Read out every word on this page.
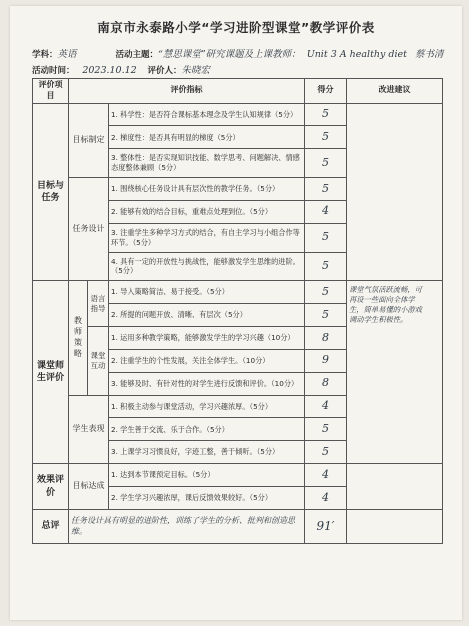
南京市永泰路小学“学习进阶型课堂”教学评价表
学科：英语	活动主题：“慧思课堂”研究课题及上课教师： Unit 3 A healthy diet 蔡书清
活动时间： 2023.10.12 评价人：朱晓宏
评价项目	评价指标			得分	改进建议
目标与任务	目标制定		1. 科学性：是否符合课标基本理念及学生认知规律（5分）	5	
			2. 梯度性：是否具有明显的梯度（5分）	5	
			3. 整体性：是否实现知识技能、数学思考、问题解决、情感态度整体兼顾（5分）	5	
	任务设计		1. 围绕核心任务设计具有层次性的教学任务。（5分）	5	
			2. 能够有效的结合目标，重难点处理到位。（5分）	4	
			3. 注重学生多种学习方式的结合，有自主学习与小组合作等环节。（5分）	5	
			4. 具有一定的开放性与挑战性，能够激发学生思维的进阶。（5分）	5	
课堂师生评价	教师策略	语言指导	1. 导入策略简洁、易于接受。（5分）	5	课堂气氛活跃流畅，可再设一些面向全体学生，简单易懂的小游戏调动学生积极性。

			2. 所提的问题开放、清晰、有层次（5分）	5	
		课堂互动	1. 运用多种教学策略，能够激发学生的学习兴趣（10分）	8	
			2. 注重学生的个性发展，关注全体学生。（10分）	9	
			3. 能够及时、有针对性的对学生进行反馈和评价。（10分）	8	
	学生表现		1. 积极主动参与课堂活动，学习兴趣浓厚。（5分）	4	
			2. 学生善于交流、乐于合作。（5分）	5	
			3. 上课学习习惯良好，字迹工整，善于倾听。（5分）	5	
效果评价	目标达成		1. 达到本节课预定目标。（5分）	4	
			2. 学生学习兴趣浓厚，课后反馈效果较好。（5分）	4	
总评	任务设计具有明显的进阶性，训练了学生的分析、批判和创造思维。			91′	
